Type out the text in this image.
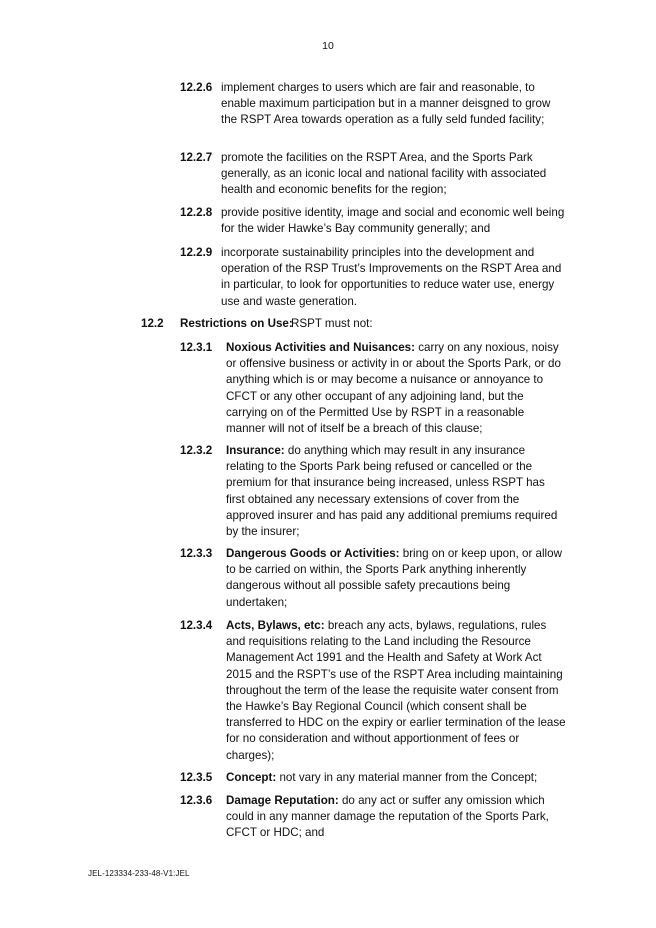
10
12.2.6 implement charges to users which are fair and reasonable, to enable maximum participation but in a manner deisgned to grow the RSPT Area towards operation as a fully seld funded facility;
12.2.7 promote the facilities on the RSPT Area, and the Sports Park generally, as an iconic local and national facility with associated health and economic benefits for the region;
12.2.8 provide positive identity, image and social and economic well being for the wider Hawke’s Bay community generally; and
12.2.9 incorporate sustainability principles into the development and operation of the RSP Trust’s Improvements on the RSPT Area and in particular, to look for opportunities to reduce water use, energy use and waste generation.
12.2 Restrictions on Use:
RSPT must not:
12.3.1 Noxious Activities and Nuisances: carry on any noxious, noisy or offensive business or activity in or about the Sports Park, or do anything which is or may become a nuisance or annoyance to CFCT or any other occupant of any adjoining land, but the carrying on of the Permitted Use by RSPT in a reasonable manner will not of itself be a breach of this clause;
12.3.2 Insurance: do anything which may result in any insurance relating to the Sports Park being refused or cancelled or the premium for that insurance being increased, unless RSPT has first obtained any necessary extensions of cover from the approved insurer and has paid any additional premiums required by the insurer;
12.3.3 Dangerous Goods or Activities: bring on or keep upon, or allow to be carried on within, the Sports Park anything inherently dangerous without all possible safety precautions being undertaken;
12.3.4 Acts, Bylaws, etc: breach any acts, bylaws, regulations, rules and requisitions relating to the Land including the Resource Management Act 1991 and the Health and Safety at Work Act 2015 and the RSPT’s use of the RSPT Area including maintaining throughout the term of the lease the requisite water consent from the Hawke’s Bay Regional Council (which consent shall be transferred to HDC on the expiry or earlier termination of the lease for no consideration and without apportionment of fees or charges);
12.3.5 Concept: not vary in any material manner from the Concept;
12.3.6 Damage Reputation: do any act or suffer any omission which could in any manner damage the reputation of the Sports Park, CFCT or HDC; and
JEL-123334-233-48-V1:JEL
